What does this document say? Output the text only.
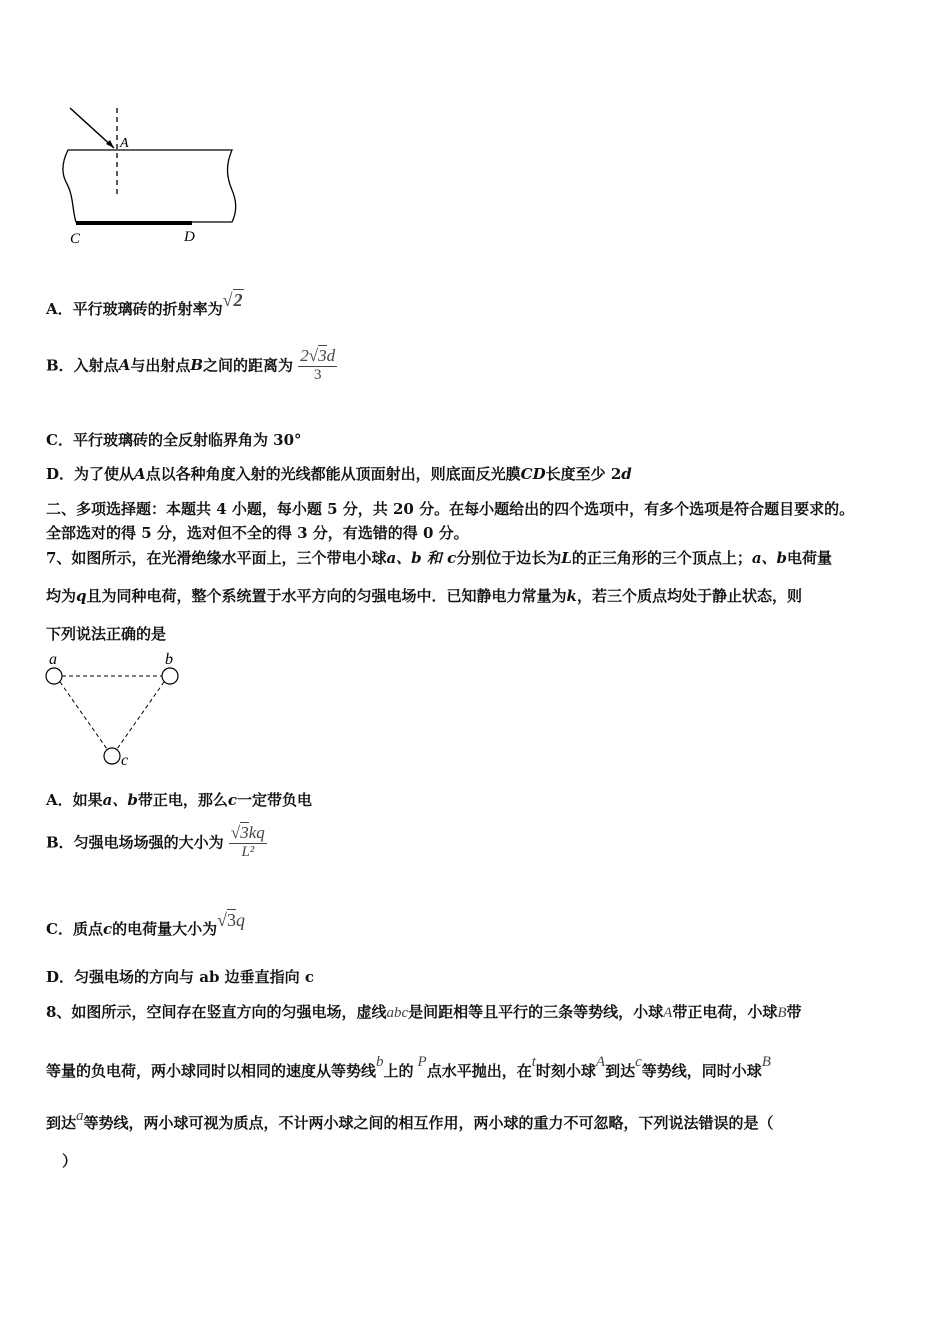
A
C	D
A．平行玻璃砖的折射率为√2
B．入射点A与出射点B之间的距离为 $\frac{2√3d}{3}$
C．平行玻璃砖的全反射临界角为 30°
D．为了使从A点以各种角度入射的光线都能从顶面射出，则底面反光膜CD长度至少 2d
二、多项选择题：本题共 4 小题，每小题 5 分，共 20 分。在每小题给出的四个选项中，有多个选项是符合题目要求的。
全部选对的得 5 分，选对但不全的得 3 分，有选错的得 0 分。
7、如图所示，在光滑绝缘水平面上，三个带电小球a、b 和 c分别位于边长为L的正三角形的三个顶点上；a、b电荷量
均为q且为同种电荷，整个系统置于水平方向的匀强电场中．已知静电力常量为k，若三个质点均处于静止状态，则
下列说法正确的是
a	b
c
A．如果a、b带正电，那么c一定带负电
B．匀强电场场强的大小为 $\frac{√3kq}{\text{L²}}$
C．质点c的电荷量大小为√3q
D．匀强电场的方向与 ab 边垂直指向 c
8、如图所示，空间存在竖直方向的匀强电场，虚线abc是间距相等且平行的三条等势线，小球A带正电荷，小球B带
等量的负电荷，两小球同时以相同的速度从等势线b上的 P点水平抛出，在t时刻小球A到达c等势线，同时小球B
到达a等势线，两小球可视为质点，不计两小球之间的相互作用，两小球的重力不可忽略，下列说法错误的是（
）
